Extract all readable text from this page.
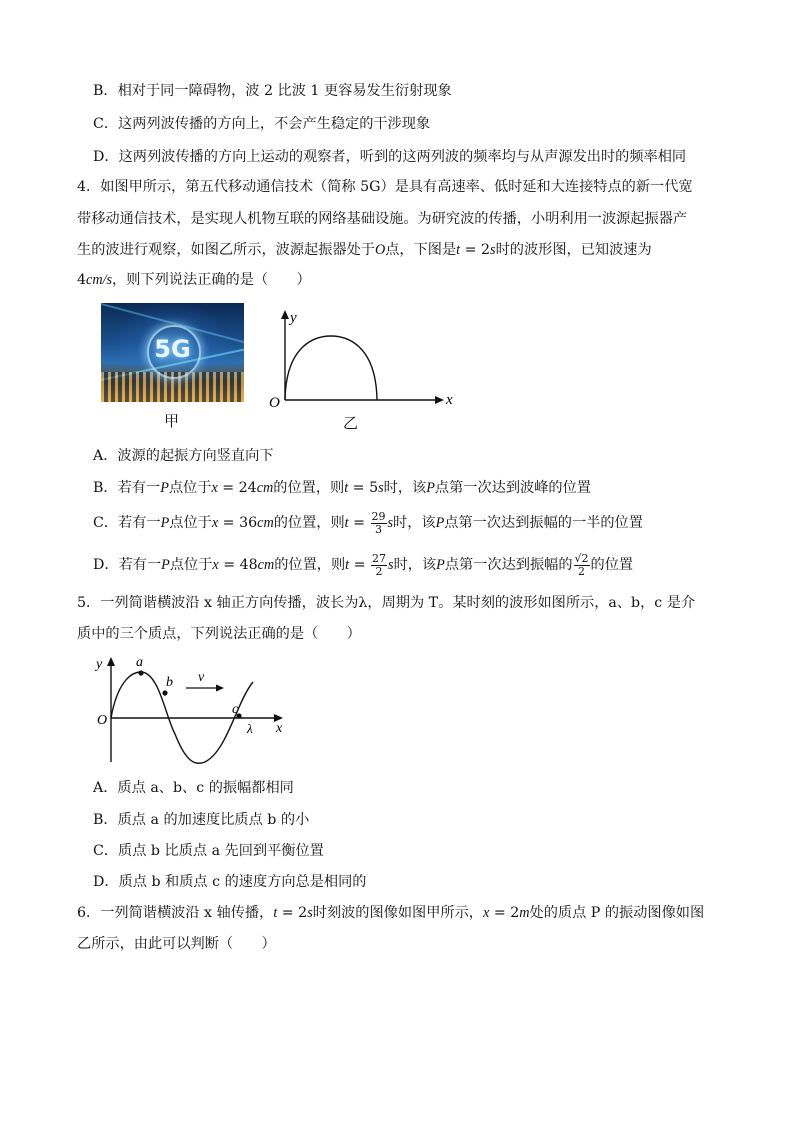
B．相对于同一障碍物，波 2 比波 1 更容易发生衍射现象
C．这两列波传播的方向上，不会产生稳定的干涉现象
D．这两列波传播的方向上运动的观察者，听到的这两列波的频率均与从声源发出时的频率相同
4．如图甲所示，第五代移动通信技术（简称 5G）是具有高速率、低时延和大连接特点的新一代宽
带移动通信技术，是实现人机物互联的网络基础设施。为研究波的传播，小明利用一波源起振器产
生的波进行观察，如图乙所示，波源起振器处于O点，下图是t = 2s时的波形图，已知波速为
4cm/s，则下列说法正确的是（　　）
5G
甲
y
x
O
乙
A．波源的起振方向竖直向下
B．若有一P点位于x = 24cm的位置，则t = 5s时，该P点第一次达到波峰的位置
C．若有一P点位于x = 36cm的位置，则$t = \frac{29}{3}$ s时，该P点第一次达到振幅的一半的位置
D．若有一P点位于x = 48cm的位置，则$t = \frac{27}{2}$ s时，该P点第一次达到振幅的 $\frac{√2}{2}$ 的位置
5．一列简谐横波沿 x 轴正方向传播，波长为λ，周期为 T。某时刻的波形如图所示，a、b，c 是介
质中的三个质点，下列说法正确的是（　　）
y a
b v
c
O
λ x
A．质点 a、b、c 的振幅都相同
B．质点 a 的加速度比质点 b 的小
C．质点 b 比质点 a 先回到平衡位置
D．质点 b 和质点 c 的速度方向总是相同的
6．一列简谐横波沿 x 轴传播，t = 2s时刻波的图像如图甲所示，x = 2m处的质点 P 的振动图像如图
乙所示，由此可以判断（　　）
